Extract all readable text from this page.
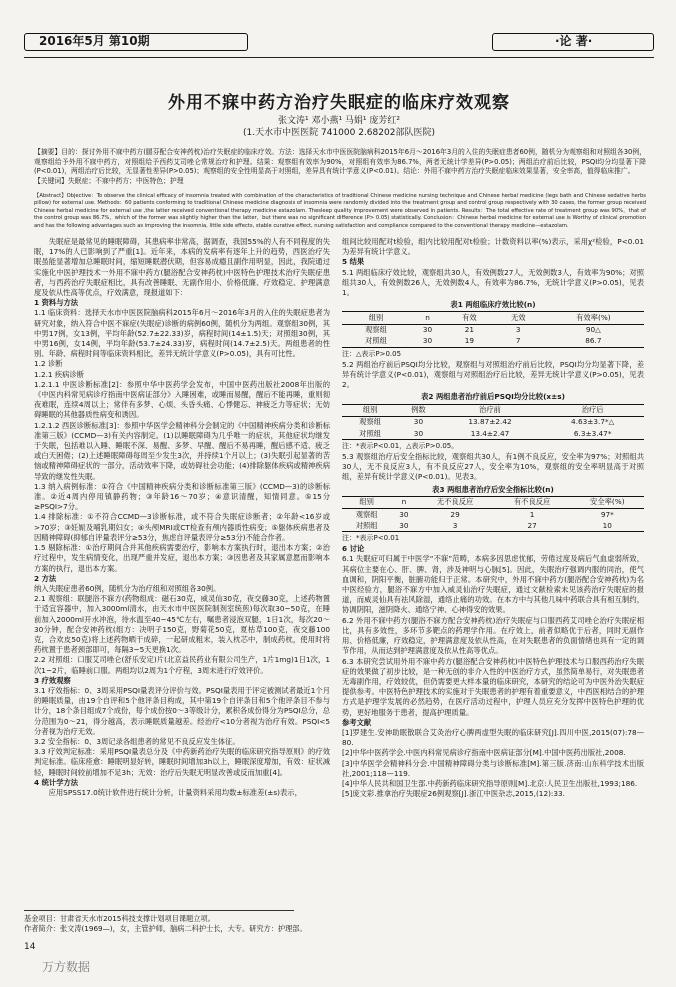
2016年5月 第10期	·论 著·
外用不寐中药方治疗失眠症的临床疗效观察
张文涛¹ 邓小燕¹ 马娟¹ 庞芳红²
(1.天水市中医医院 741000 2.68202部队医院)
【摘要】目的：探讨外用不寐中药方(腿芬配合安神药枕)治疗失眠症的临床疗效。方法：选择天水市中医医院脑病科2015年6月～2016年3月的入住的失眠症患者60例，随机分为观察组和对照组各30例，观察组给予外用不寐中药方，对照组给予西药艾司唑仑常规治疗和护理。结果：观察组有效率为90%，对照组有效率为86.7%，两者无统计学差异(P>0.05)；两组治疗前后比较，PSQI均分均显著下降(P<0.01)，两组治疗后比较，无显著性差异(P>0.05)；观察组的安全性明显高于对照组，差异具有统计学意义(P<0.01)。结论：外用不寐中药方治疗失眠症临床效果显著，安全率高，值得临床推广。
【关键词】失眠症；不寐中药方；中医特色；护理
【Abstract】Objective：To observe the clinical efficacy of insomnia treated with combination of the characteristics of traditional Chinese medicine nursing technique and Chinese herbal medicine (legs bath and Chinese sedative herbs pillow) for external use. Methods：60 patients conforming to traditional Chinese medicine diagnosis of insomnia were randomly divided into the treatment group and control group respectively with 30 cases, the former group received Chinese herbal medicine for external use ,the latter received conventional therapy medicine estazolam. Thesleep quality improvement were observed in patients. Results：The total effective rate of treatment group was 90%，that of the control group was 86.7%，which of the former was slightly higher than the latter，but there was no significant difference (P> 0.05) statistically. Conclusion：Chinese herbal medicine for external use is Worthy of clinical promotion and has the following advantages such as improving the insomnia, little side effects, stable curative effect, nursing satisfaction and compliance compared to the conventional therapy medicine—estazolam.

　　失眠症是最常见的睡眠障碍，其患病率非常高，据调查，我国55%的人有不同程度的失眠，17%的人已影响到了严重[1]。近年来，本病的发病率有逐年上升的趋势，西医治疗失眠虽能显著增加总睡眠时间，缩短睡眠潜伏期，但容易成瘾且副作用明显，因此，我院通过实施化中医护理技术一外用不寐中药方(腿浴配合安神药枕)中医特色护理技术治疗失眠症患者，与西药治疗失眠症相比，具有改善睡眠、无副作用小、价格低廉、疗效稳定、护理满意度及依从性高等优点，疗效满意，现报道如下：

1 资料与方法

1.1 临床资料：选择天水市中医医院脑病科2015年6月～2016年3月的入住的失眠症患者为研究对象，纳入符合中医不寐症(失眠症)诊断的病例60例，随机分为两组。观察组30例，其中男17例，女13例，平均年龄(52.7±22.33)岁，病程时间(14±1.5)天；对照组30例，其中男16例，女14例，平均年龄(53.7±24.33)岁，病程时间(14.7±2.5)天。两组患者的性别、年龄、病程时间等临床资料相比，差异无统计学意义(P>0.05)，具有可比性。

1.2 诊断

1.2.1 疾病诊断

1.2.1.1 中医诊断标准[2]：参照中华中医药学会发布，中国中医药出版社2008年出版的《中医内科常见病诊疗指南中医病证部分》入睡困难，或睡而易醒，醒后不能再睡，重则彻夜难眠，连续4周以上；常伴有多梦、心烦、头昏头痛、心悸健忘、神疲乏力等症状；无妨碍睡眠的其他器质性病变和诱因。

1.2.1.2 西医诊断标准[3]：参照中华医学会精神科分会制定的《中国精神疾病分类和诊断标准第三版》(CCMD—3)有关内容制定。(1)以睡眠障碍为几乎唯一的症状，其他症状均继发于失眠，包括难以入睡、睡眠不深、易醒、多梦、早醒、醒后不易再睡，醒后感不适、疲乏或白天困倦；(2)上述睡眠障碍每周至少发生3次，并持续1个月以上；(3)失眠引起显著的苦恼或精神障碍症状的一部分，活动效率下降，或妨碍社会功能；(4)排除躯体疾病或精神疾病导致的继发性失眠。

1.3 纳入病例标准：①符合《中国精神疾病分类和诊断标准第三版》(CCMD—3)的诊断标准。②近4周内停用镇静药物；③年龄16～70岁；④意识清醒，知情同意。⑤15分≥PSQI>7分。

1.4 排除标准：①不符合CCMD—3诊断标准，或不符合失眠症诊断者；②年龄<16岁或>70岁；③妊娠及哺乳期妇女；④头颅MRI或CT检查有颅内器质性病变；⑤躯体疾病患者及因精神障碍(抑郁自评量表评分≥53分，焦虑自评量表评分≥53分)不能合作者。

1.5 剔除标准：①治疗期间合并其他疾病需要治疗，影响本方案执行时，退出本方案；②治疗过程中，发生病情变化，出现严重并发症，退出本方案；③因患者及其家属意愿而影响本方案的执行，退出本方案。

2 方法

纳入失眠症患者60例，随机分为治疗组和对照组各30例。

2.1 观察组：联腿浴不寐方(药物组成：磁石30克，威灵仙30克，夜交藤30克，上述药物置于适宜容器中，加入3000ml清水，由天水市中医医院制剂室统煎)每次取30~50克，在睡前加入2000ml开水冲泡，待水温至40~45℃左右，嘱患者浸泡双腿，1日1次，每次20～30分钟，配合安神药枕(组方：决明子150克，野菊花50克，夏枯草100克，夜交藤100克，合欢皮50克)将上述药物晒干成碎，一起研成粗末，装入枕芯中，制成药枕，使用时将药枕置于患者颈部即可，每隔3~5天更换1次。

2.2 对照组：口服艾司唑仑(舒乐安定)片(北京益民药业有限公司生产，1片1mg)1日1次，1次1~2片，临睡前口服。两组均以2周为1个疗程，3周末进行疗效评价。

3 疗效观察

3.1 疗效指标：0、3周采用PSQI量表评分评价与效。PSQI量表用于评定被测试者最近1个月的睡眠质量，由19个自评和5个他评条目构成，其中第19个自评条目和5个他评条目不参与计分，18个条目组成7个成份，每个成份按0～3等级计分，累积各成份得分为PSQI总分，总分范围为0～21，得分越高，表示睡眠质量越差。经治疗<10分者视为治疗有效。PSQI<5分者视为治疗无效。

3.2 安全指标：0、3周记录各组患者的常见不良反应发生体征。

3.3 疗效判定标准：采用PSQI量表总分及《中药新药治疗失眠的临床研究指导原则》的疗效判定标准。临床痊愈：睡眠明显好转，睡眠时间增加3h以上，睡眠深度增加，有效：症状减轻，睡眠时间较前增加不足3h；无效：治疗后失眠无明显改善或反而加重[4]。

4 统计学方法

　　应用SPSS17.0统计软件进行统计分析，计量资料采用均数±标准差(±s)表示，

组间比较用配对t检验，组内比较用配对t检验；计数资料以率(%)表示，采用χ²检验，P<0.01为差异有统计学意义。

5 结果

5.1 两组临床疗效比较，观察组共30人，有效例数27人，无效例数3人，有效率为90%；对照组共30人，有效例数26人，无效例数4人，有效率为86.7%，无统计学意义(P>0.05)，见表1。

表1 两组临床疗效比较(n)
组别	n	有效	无效	有效率(%)
观察组	30	21	3	90△
对照组	30	19	7	86.7
注：△表示P>0.05

5.2 两组治疗前后PSQI均分比较，观察组与对照组治疗前后比较，PSQI均分均显著下降，差异有统计学意义(P<0.01)，观察组与对照组治疗后比较，差异无统计学意义(P>0.05)，见表2。

表2 两组患者治疗前后PSQI均分比较(x±s)
组别	例数	治疗前	治疗后
观察组	30	13.87±2.42	4.63±3.7*△
对照组	30	13.4±2.47	6.3±3.47*
注：*表示P<0.01，△表示P>0.05。

5.3 观察组治疗后安全指标比较，观察组共30人，有1例不良反应，安全率为97%；对照组共30人，无不良反应3人，有不良反应27人，安全率为10%，观察组的安全率明显高于对照组，差异有统计学意义(P<0.01)。见表3。

表3 两组患者治疗后安全指标比较(n)
组别	n	无不良反应	有不良反应	安全率(%)
观察组	30	29	1	97*
对照组	30	3	27	10
注：*表示P<0.01

6 讨论

6.1 失眠症可归属于中医学“不寐”范畴，本病多因思虑忧郁，劳倦过度及病后气血虚弱所致，其病位主要在心、肝、脾、肾，涉及神明与心脉[5]。因此，失眠治疗强调内服的同治，使气血调和，阴阳平衡，脏腑功能归于正常。本研究中，外用不寐中药方(腿浴配合安神药枕)为名中医经验方，腿浴不寐方中加入威灵仙治疗失眠症，通过文献检索未见该药治疗失眠症的报道，而威灵仙具有祛风除湿，通络止痛的功效。在本方中与其他几味中药联合具有相互制约，协调阴阳，滋阴降火、通络宁神、心神得安的效果。

6.2 外用不寐中药方(腿浴不寐方配合安神药枕)治疗失眠症与口服西药艾司唑仑治疗失眠症相比，具有多效性，多环节多靶点的药理学作用。在疗效上，前者似略优于后者，同时无副作用、价格低廉，疗效稳定，护理满意度及依从性高，在对失眠患者的负面情绪也具有一定的调节作用，从而达到护理满意度及依从性高等优点。

6.3 本研究尝试用外用不寐中药方(腿浴配合安神药枕)中医特色护理技术与口服西药治疗失眠症的效果做了初步比较，是一种无创的非介入性的中医治疗方式，虽然简单易行，对失眠患者无毒副作用，疗效较优，但仍需要更大样本量的临床研究，本研究的结论可为中医外治失眠症提供参考。中医特色护理技术的实施对于失眠患者的护理有着重要意义，中西医相结合的护理方式是护理学发展的必然趋势，在医疗活动过程中，护理人员应充分发挥中医特色护理的优势，更好地服务于患者，提高护理质量。

参考文献

[1]罗建生.安神助眠散联合艾灸治疗心脾两虚型失眠的临床研究[J].四川中医,2015(07):78—80.

[2]中华中医药学会.中医内科常见病诊疗指南中医病证部分[M].中国中医药出版社,2008.

[3]中华医学会精神科分会.中国精神障碍分类与诊断标准[M].第三版.济南:山东科学技术出版社,2001;118—119.

[4]中华人民共和国卫生部.中药新药临床研究指导原则[M].北京:人民卫生出版社,1993;186.

[5]庞文彩.推拿治疗失眠症26例观察[J].浙江中医杂志,2015,(12):33.

基金项目：甘肃省天水市2015科技支撑计划项目课题立项。
作者简介：张文涛(1969—)，女，主管护师，脑病二科护士长，大专。研究方：护理部。
14
万方数据
